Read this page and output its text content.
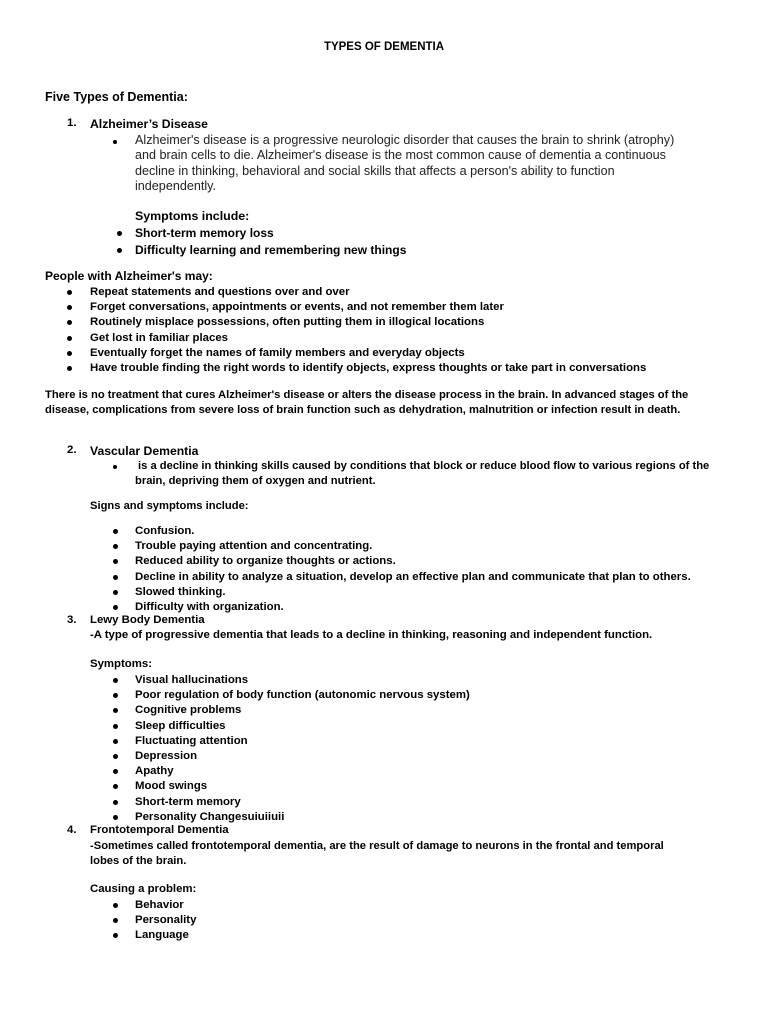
TYPES OF DEMENTIA
Five Types of Dementia:
1. Alzheimer’s Disease
Alzheimer's disease is a progressive neurologic disorder that causes the brain to shrink (atrophy)
and brain cells to die. Alzheimer's disease is the most common cause of dementia a continuous
decline in thinking, behavioral and social skills that affects a person's ability to function
independently.
Symptoms include:
Short-term memory loss
Difficulty learning and remembering new things
People with Alzheimer's may:
Repeat statements and questions over and over
Forget conversations, appointments or events, and not remember them later
Routinely misplace possessions, often putting them in illogical locations
Get lost in familiar places
Eventually forget the names of family members and everyday objects
Have trouble finding the right words to identify objects, express thoughts or take part in conversations
There is no treatment that cures Alzheimer's disease or alters the disease process in the brain. In advanced stages of the
disease, complications from severe loss of brain function such as dehydration, malnutrition or infection result in death.
2. Vascular Dementia
is a decline in thinking skills caused by conditions that block or reduce blood flow to various regions of the
brain, depriving them of oxygen and nutrient.
Signs and symptoms include:
Confusion.
Trouble paying attention and concentrating.
Reduced ability to organize thoughts or actions.
Decline in ability to analyze a situation, develop an effective plan and communicate that plan to others.
Slowed thinking.
Difficulty with organization.
3. Lewy Body Dementia
-A type of progressive dementia that leads to a decline in thinking, reasoning and independent function.
Symptoms:
Visual hallucinations
Poor regulation of body function (autonomic nervous system)
Cognitive problems
Sleep difficulties
Fluctuating attention
Depression
Apathy
Mood swings
Short-term memory
Personality Changesuiuiiuii
4. Frontotemporal Dementia
-Sometimes called frontotemporal dementia, are the result of damage to neurons in the frontal and temporal
lobes of the brain.
Causing a problem:
Behavior
Personality
Language
